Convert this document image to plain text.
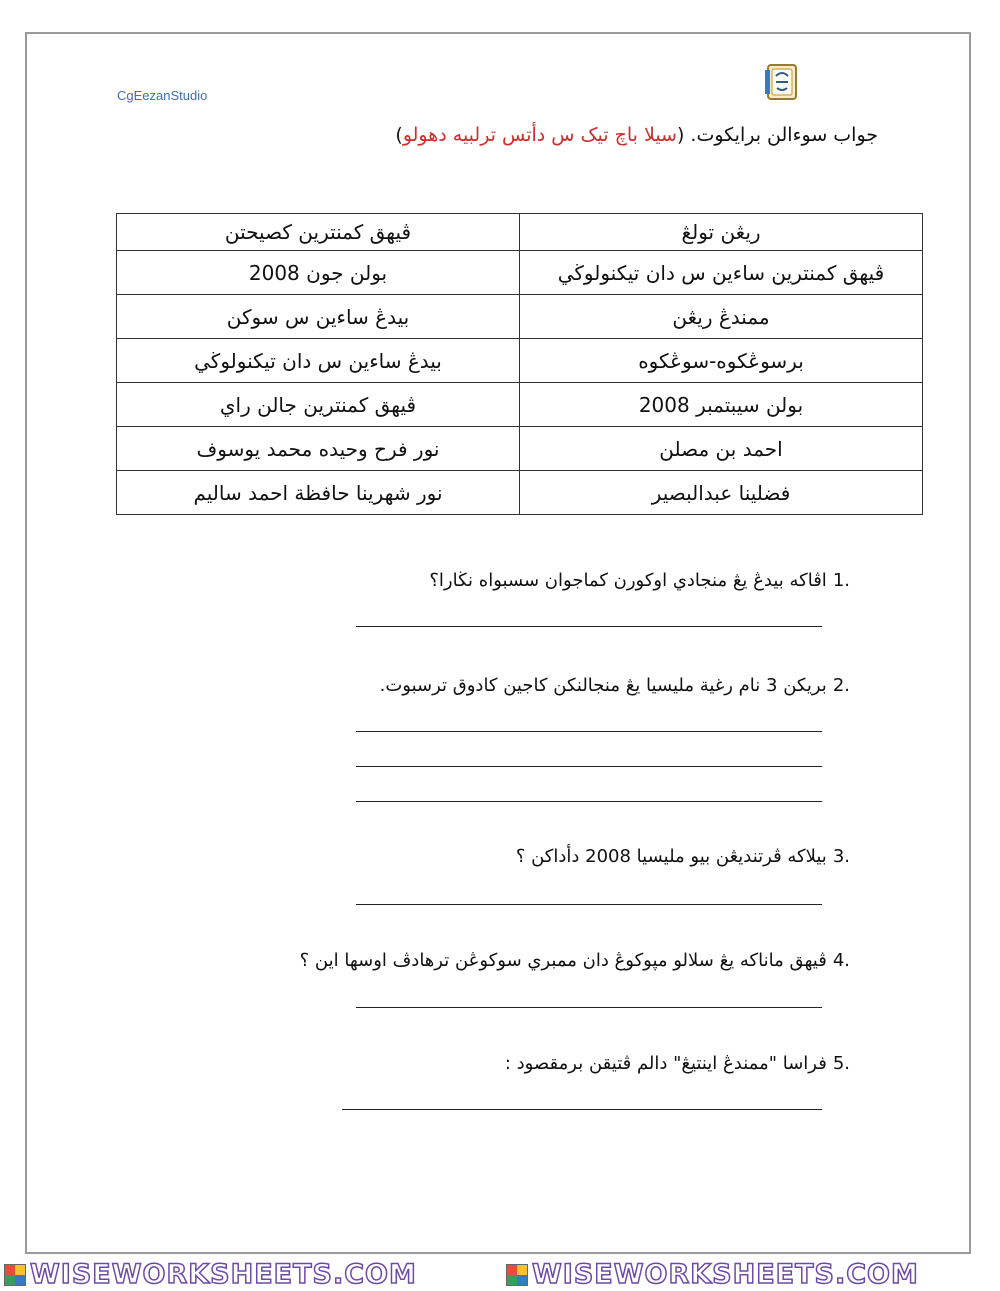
CgEezanStudio
جواب سوءالن برايكوت. (سيلا باچ تيک س دأتس ترلبيه دهولو)
ريڠن تولڠ	ڤيهق كمنترين كصيحتن
ڤيهق كمنترين ساءين س دان تيكنولوڬي	بولن جون 2008
ممندڠ ريڠن	بيدڠ ساءين س سوكن
برسوڠكوه-سوڠكوه	بيدڠ ساءين س دان تيكنولوڬي
بولن سيبتمبر 2008	ڤيهق كمنترين جالن راي
احمد بن مصلن	نور فرح وحيده محمد يوسوف
فضلينا عبدالبصير	نور شهرينا حافظة احمد ساليم
.1اڤاكه بيدڠ يڠ منجادي اوكورن كماجوان سسبواه نڬارا؟
.2بريكن 3 نام رغية مليسيا يڠ منجالنكن كاجين كادوق ترسبوت.
.3بيلاكه ڤرتنديڠن بيو مليسيا 2008 دأداكن ؟
.4ڤيهق ماناكه يڠ سلالو مپوكوڠ دان ممبري سوكوڠن ترهادڤ اوسها اين ؟
.5فراسا "ممندڠ اينتيڠ" دالم ڤتيقن برمقصود :
WISEWORKSHEETS.COM	WISEWORKSHEETS.COM
